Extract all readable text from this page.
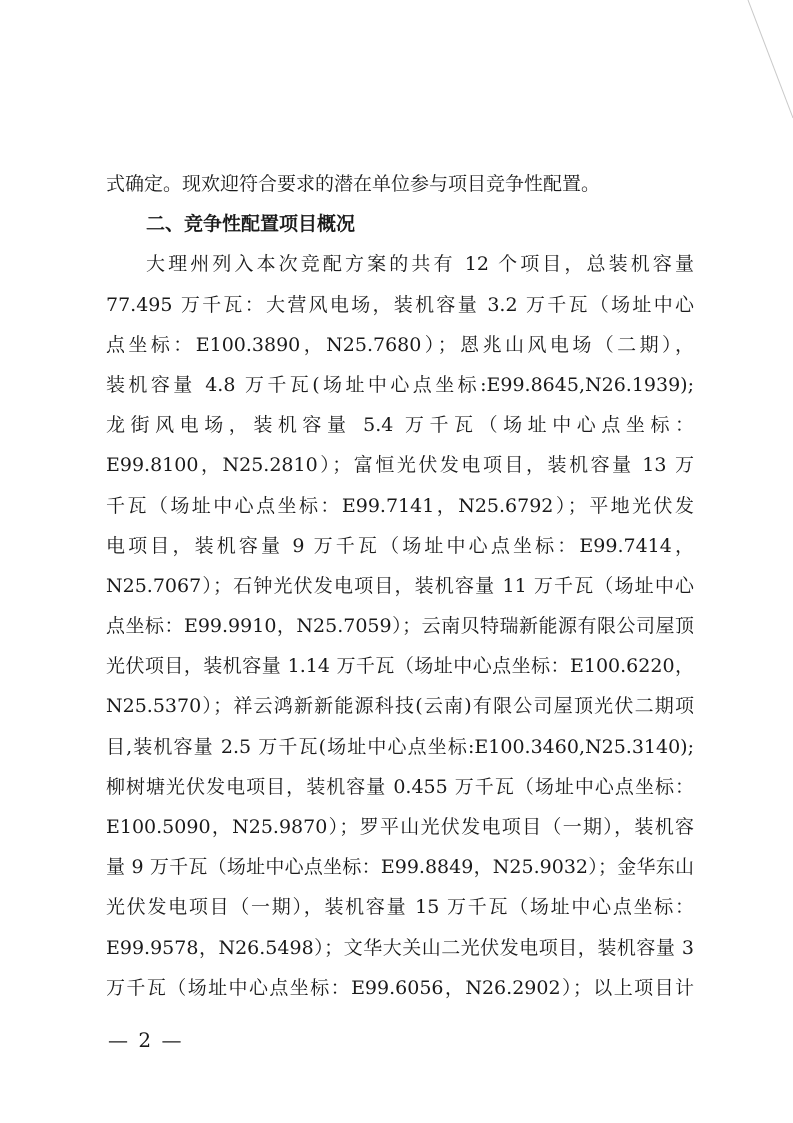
式确定。现欢迎符合要求的潜在单位参与项目竞争性配置。
二、竞争性配置项目概况
大理州列入本次竞配方案的共有 12 个项目，总装机容量
77.495 万千瓦：大营风电场，装机容量 3.2 万千瓦（场址中心
点坐标：E100.3890，N25.7680）；恩兆山风电场（二期），
装机容量 4.8 万千瓦(场址中心点坐标:E99.8645,N26.1939);
龙街风电场，装机容量 5.4 万千瓦（场址中心点坐标：
E99.8100，N25.2810）；富恒光伏发电项目，装机容量 13 万
千瓦（场址中心点坐标：E99.7141，N25.6792）；平地光伏发
电项目，装机容量 9 万千瓦（场址中心点坐标：E99.7414，
N25.7067）；石钟光伏发电项目，装机容量 11 万千瓦（场址中心
点坐标：E99.9910，N25.7059）；云南贝特瑞新能源有限公司屋顶
光伏项目，装机容量 1.14 万千瓦（场址中心点坐标：E100.6220，
N25.5370）；祥云鸿新新能源科技(云南)有限公司屋顶光伏二期项
目,装机容量 2.5 万千瓦(场址中心点坐标:E100.3460,N25.3140);
柳树塘光伏发电项目，装机容量 0.455 万千瓦（场址中心点坐标：
E100.5090，N25.9870）；罗平山光伏发电项目（一期），装机容
量 9 万千瓦（场址中心点坐标：E99.8849，N25.9032）；金华东山
光伏发电项目（一期），装机容量 15 万千瓦（场址中心点坐标：
E99.9578，N26.5498）；文华大关山二光伏发电项目，装机容量 3
万千瓦（场址中心点坐标：E99.6056，N26.2902）；以上项目计
— 2 —
